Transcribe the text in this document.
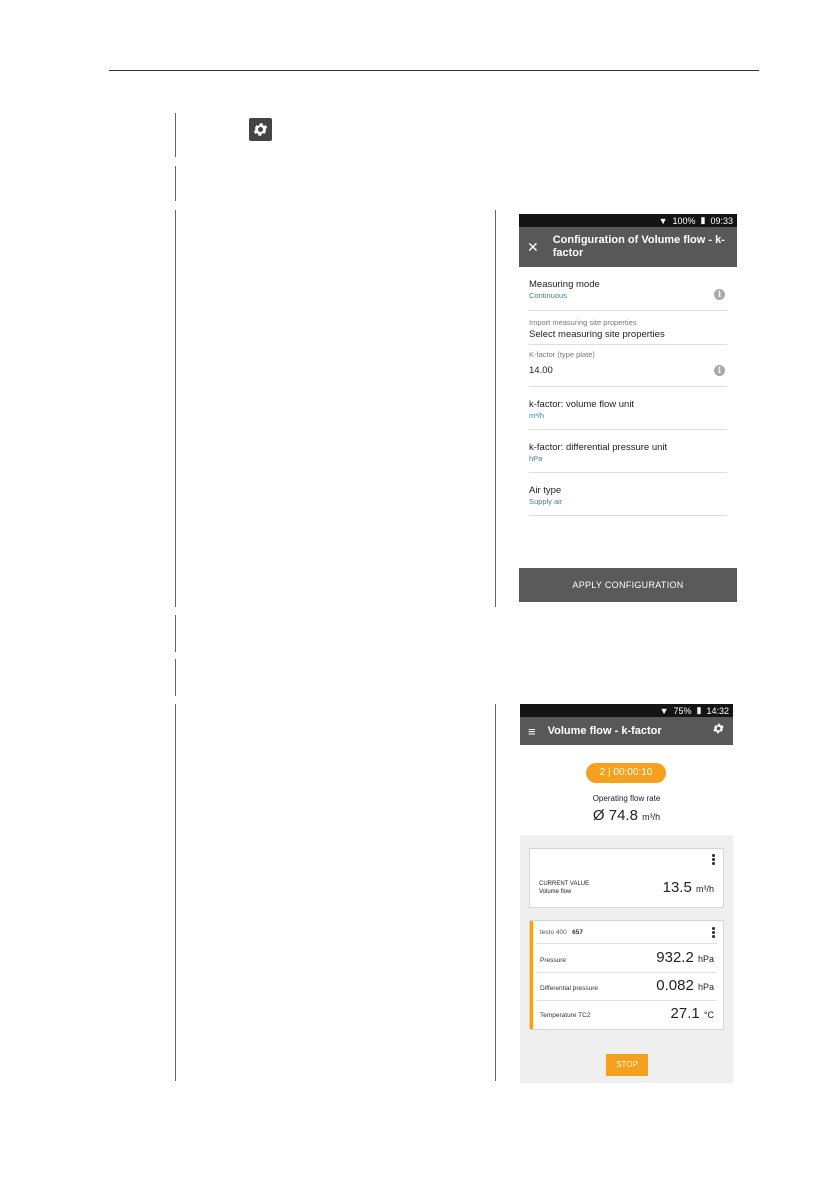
▼ 100% ▮ 09:33
✕ Configuration of Volume flow - k-factor
Measuring mode
Continuous	i
Import measuring site properties
Select measuring site properties
K-factor (type plate)
14.00	i
k-factor: volume flow unit
m³/h
k-factor: differential pressure unit
hPa
Air type
Supply air
APPLY CONFIGURATION
▼ 75% ▮ 14:32
≡ Volume flow - k-factor
2 | 00:00:10
Operating flow rate
Ø 74.8 m³/h
CURRENT VALUE
Volume flow	13.5 m³/h
testo 400 657
Pressure	932.2 hPa
Differential pressure	0.082 hPa
Temperature TC2	27.1 °C
STOP
